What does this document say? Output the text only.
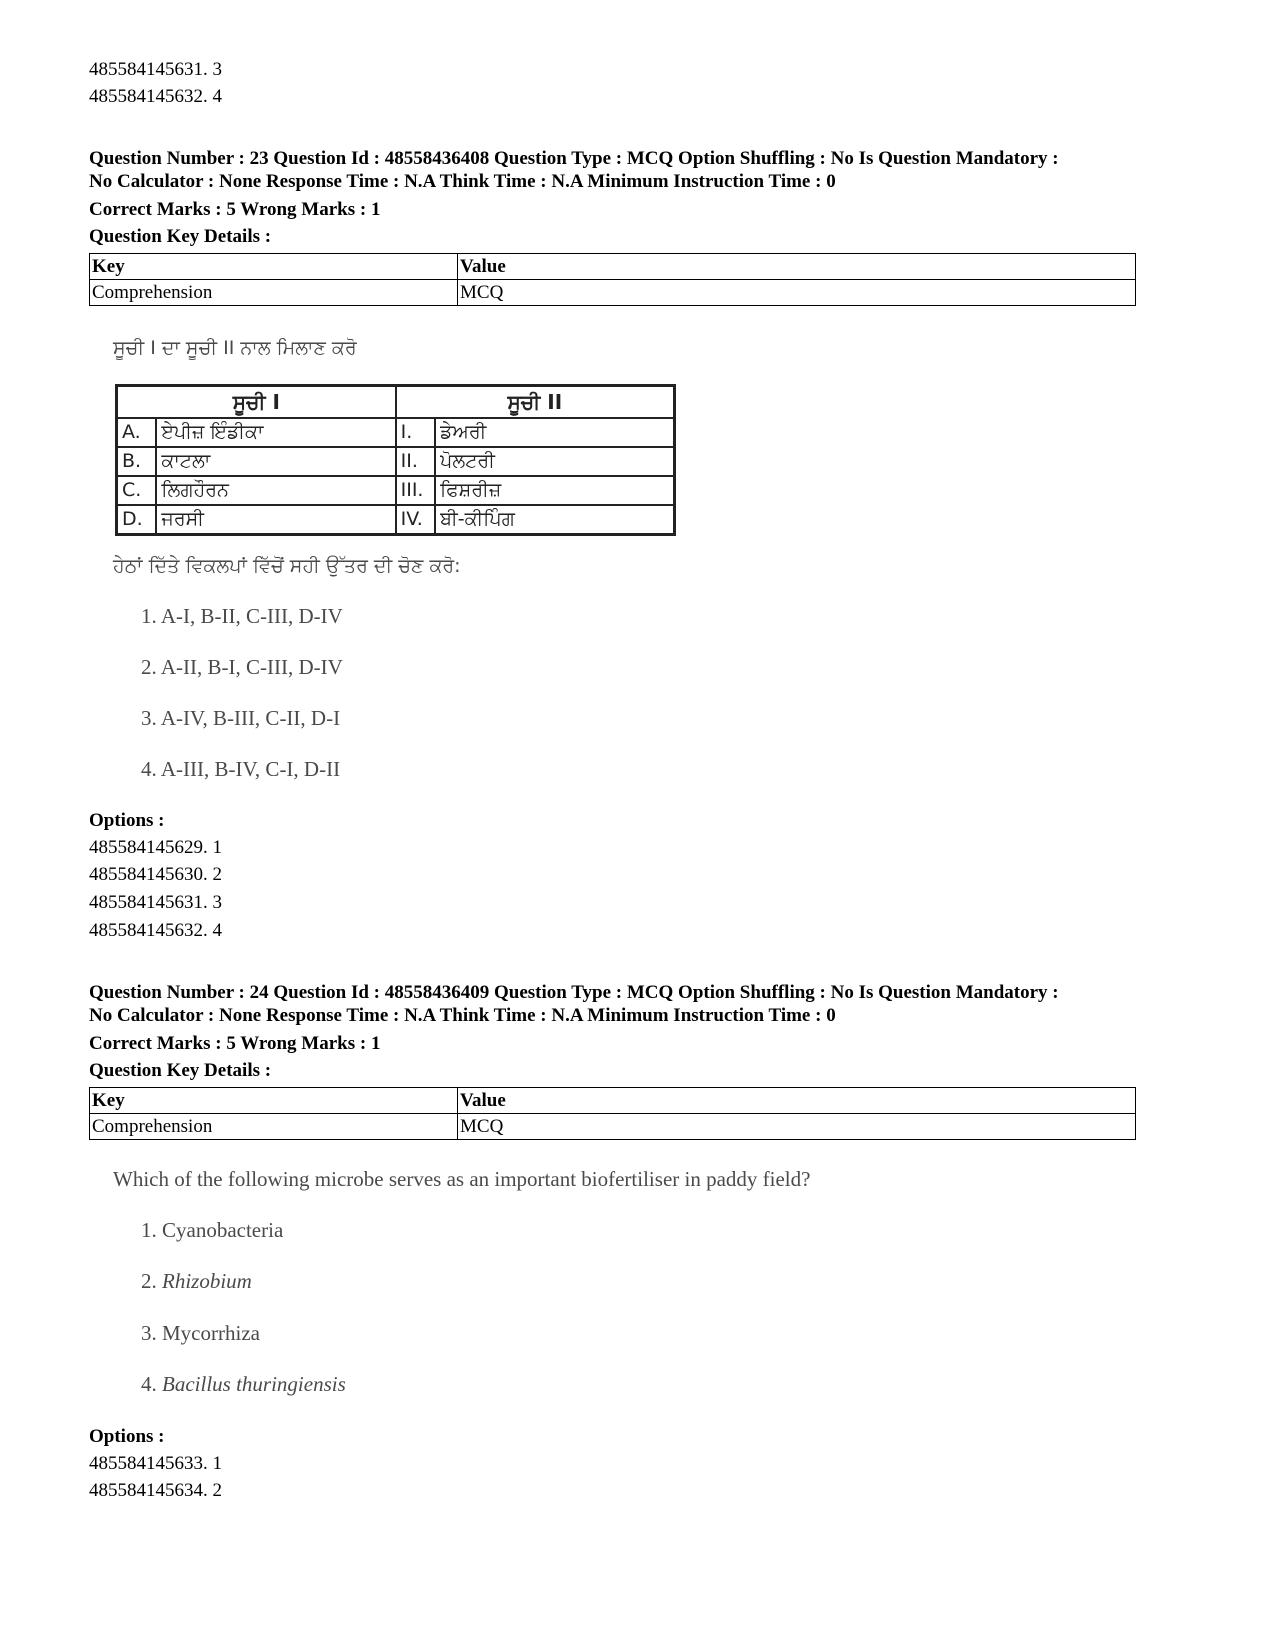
485584145631. 3
485584145632. 4
Question Number : 23 Question Id : 48558436408 Question Type : MCQ Option Shuffling : No Is Question Mandatory :
No Calculator : None Response Time : N.A Think Time : N.A Minimum Instruction Time : 0
Correct Marks : 5 Wrong Marks : 1
Question Key Details :
Key	Value
Comprehension	MCQ
ਸੂਚੀ I ਦਾ ਸੂਚੀ II ਨਾਲ ਮਿਲਾਣ ਕਰੋ
ਸੂਚੀ I		ਸੂਚੀ II	
A.	ਏਪੀਜ਼ ਇੰਡੀਕਾ	I.	ਡੇਅਰੀ
B.	ਕਾਟਲਾ	II.	ਪੋਲਟਰੀ
C.	ਲਿਗਹੌਰਨ	III.	ਫਿਸ਼ਰੀਜ਼
D.	ਜਰਸੀ	IV.	ਬੀ-ਕੀਪਿੰਗ
ਹੇਠਾਂ ਦਿੱਤੇ ਵਿਕਲਪਾਂ ਵਿੱਚੋਂ ਸਹੀ ਉੱਤਰ ਦੀ ਚੋਣ ਕਰੋ:
1. A-I, B-II, C-III, D-IV
2. A-II, B-I, C-III, D-IV
3. A-IV, B-III, C-II, D-I
4. A-III, B-IV, C-I, D-II
Options :
485584145629. 1
485584145630. 2
485584145631. 3
485584145632. 4
Question Number : 24 Question Id : 48558436409 Question Type : MCQ Option Shuffling : No Is Question Mandatory :
No Calculator : None Response Time : N.A Think Time : N.A Minimum Instruction Time : 0
Correct Marks : 5 Wrong Marks : 1
Question Key Details :
Key	Value
Comprehension	MCQ
Which of the following microbe serves as an important biofertiliser in paddy field?
1. Cyanobacteria
2. Rhizobium
3. Mycorrhiza
4. Bacillus thuringiensis
Options :
485584145633. 1
485584145634. 2
